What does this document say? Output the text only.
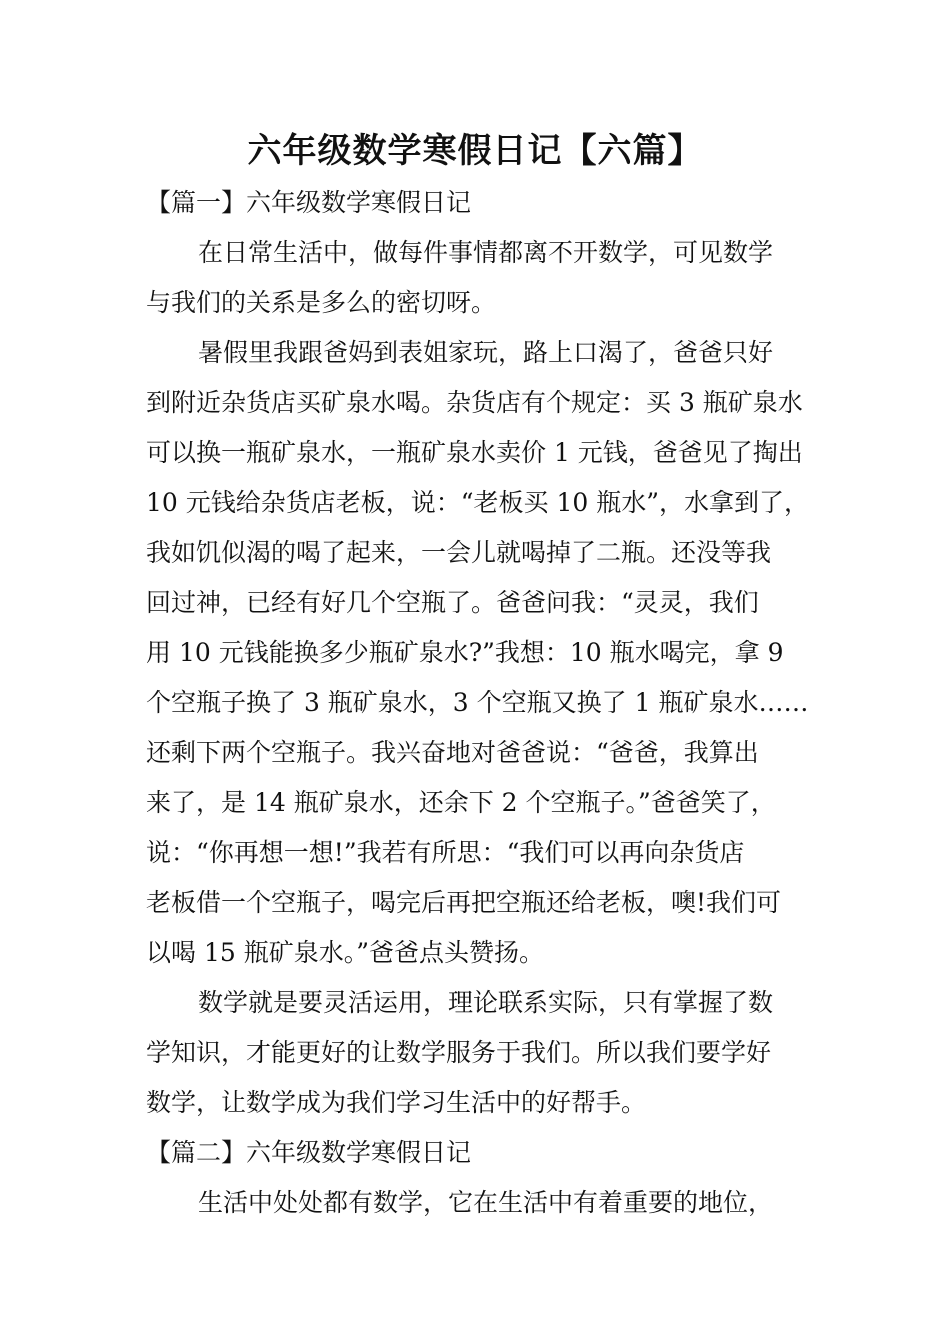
六年级数学寒假日记【六篇】
【篇一】六年级数学寒假日记
在日常生活中，做每件事情都离不开数学，可见数学
与我们的关系是多么的密切呀。
暑假里我跟爸妈到表姐家玩，路上口渴了，爸爸只好
到附近杂货店买矿泉水喝。杂货店有个规定：买 3 瓶矿泉水
可以换一瓶矿泉水，一瓶矿泉水卖价 1 元钱，爸爸见了掏出
10 元钱给杂货店老板，说：“老板买 10 瓶水”，水拿到了，
我如饥似渴的喝了起来，一会儿就喝掉了二瓶。还没等我
回过神，已经有好几个空瓶了。爸爸问我：“灵灵，我们
用 10 元钱能换多少瓶矿泉水?”我想：10 瓶水喝完，拿 9
个空瓶子换了 3 瓶矿泉水，3 个空瓶又换了 1 瓶矿泉水……
还剩下两个空瓶子。我兴奋地对爸爸说：“爸爸，我算出
来了，是 14 瓶矿泉水，还余下 2 个空瓶子。”爸爸笑了，
说：“你再想一想!”我若有所思：“我们可以再向杂货店
老板借一个空瓶子，喝完后再把空瓶还给老板，噢!我们可
以喝 15 瓶矿泉水。”爸爸点头赞扬。
数学就是要灵活运用，理论联系实际，只有掌握了数
学知识，才能更好的让数学服务于我们。所以我们要学好
数学，让数学成为我们学习生活中的好帮手。
【篇二】六年级数学寒假日记
生活中处处都有数学，它在生活中有着重要的地位，
